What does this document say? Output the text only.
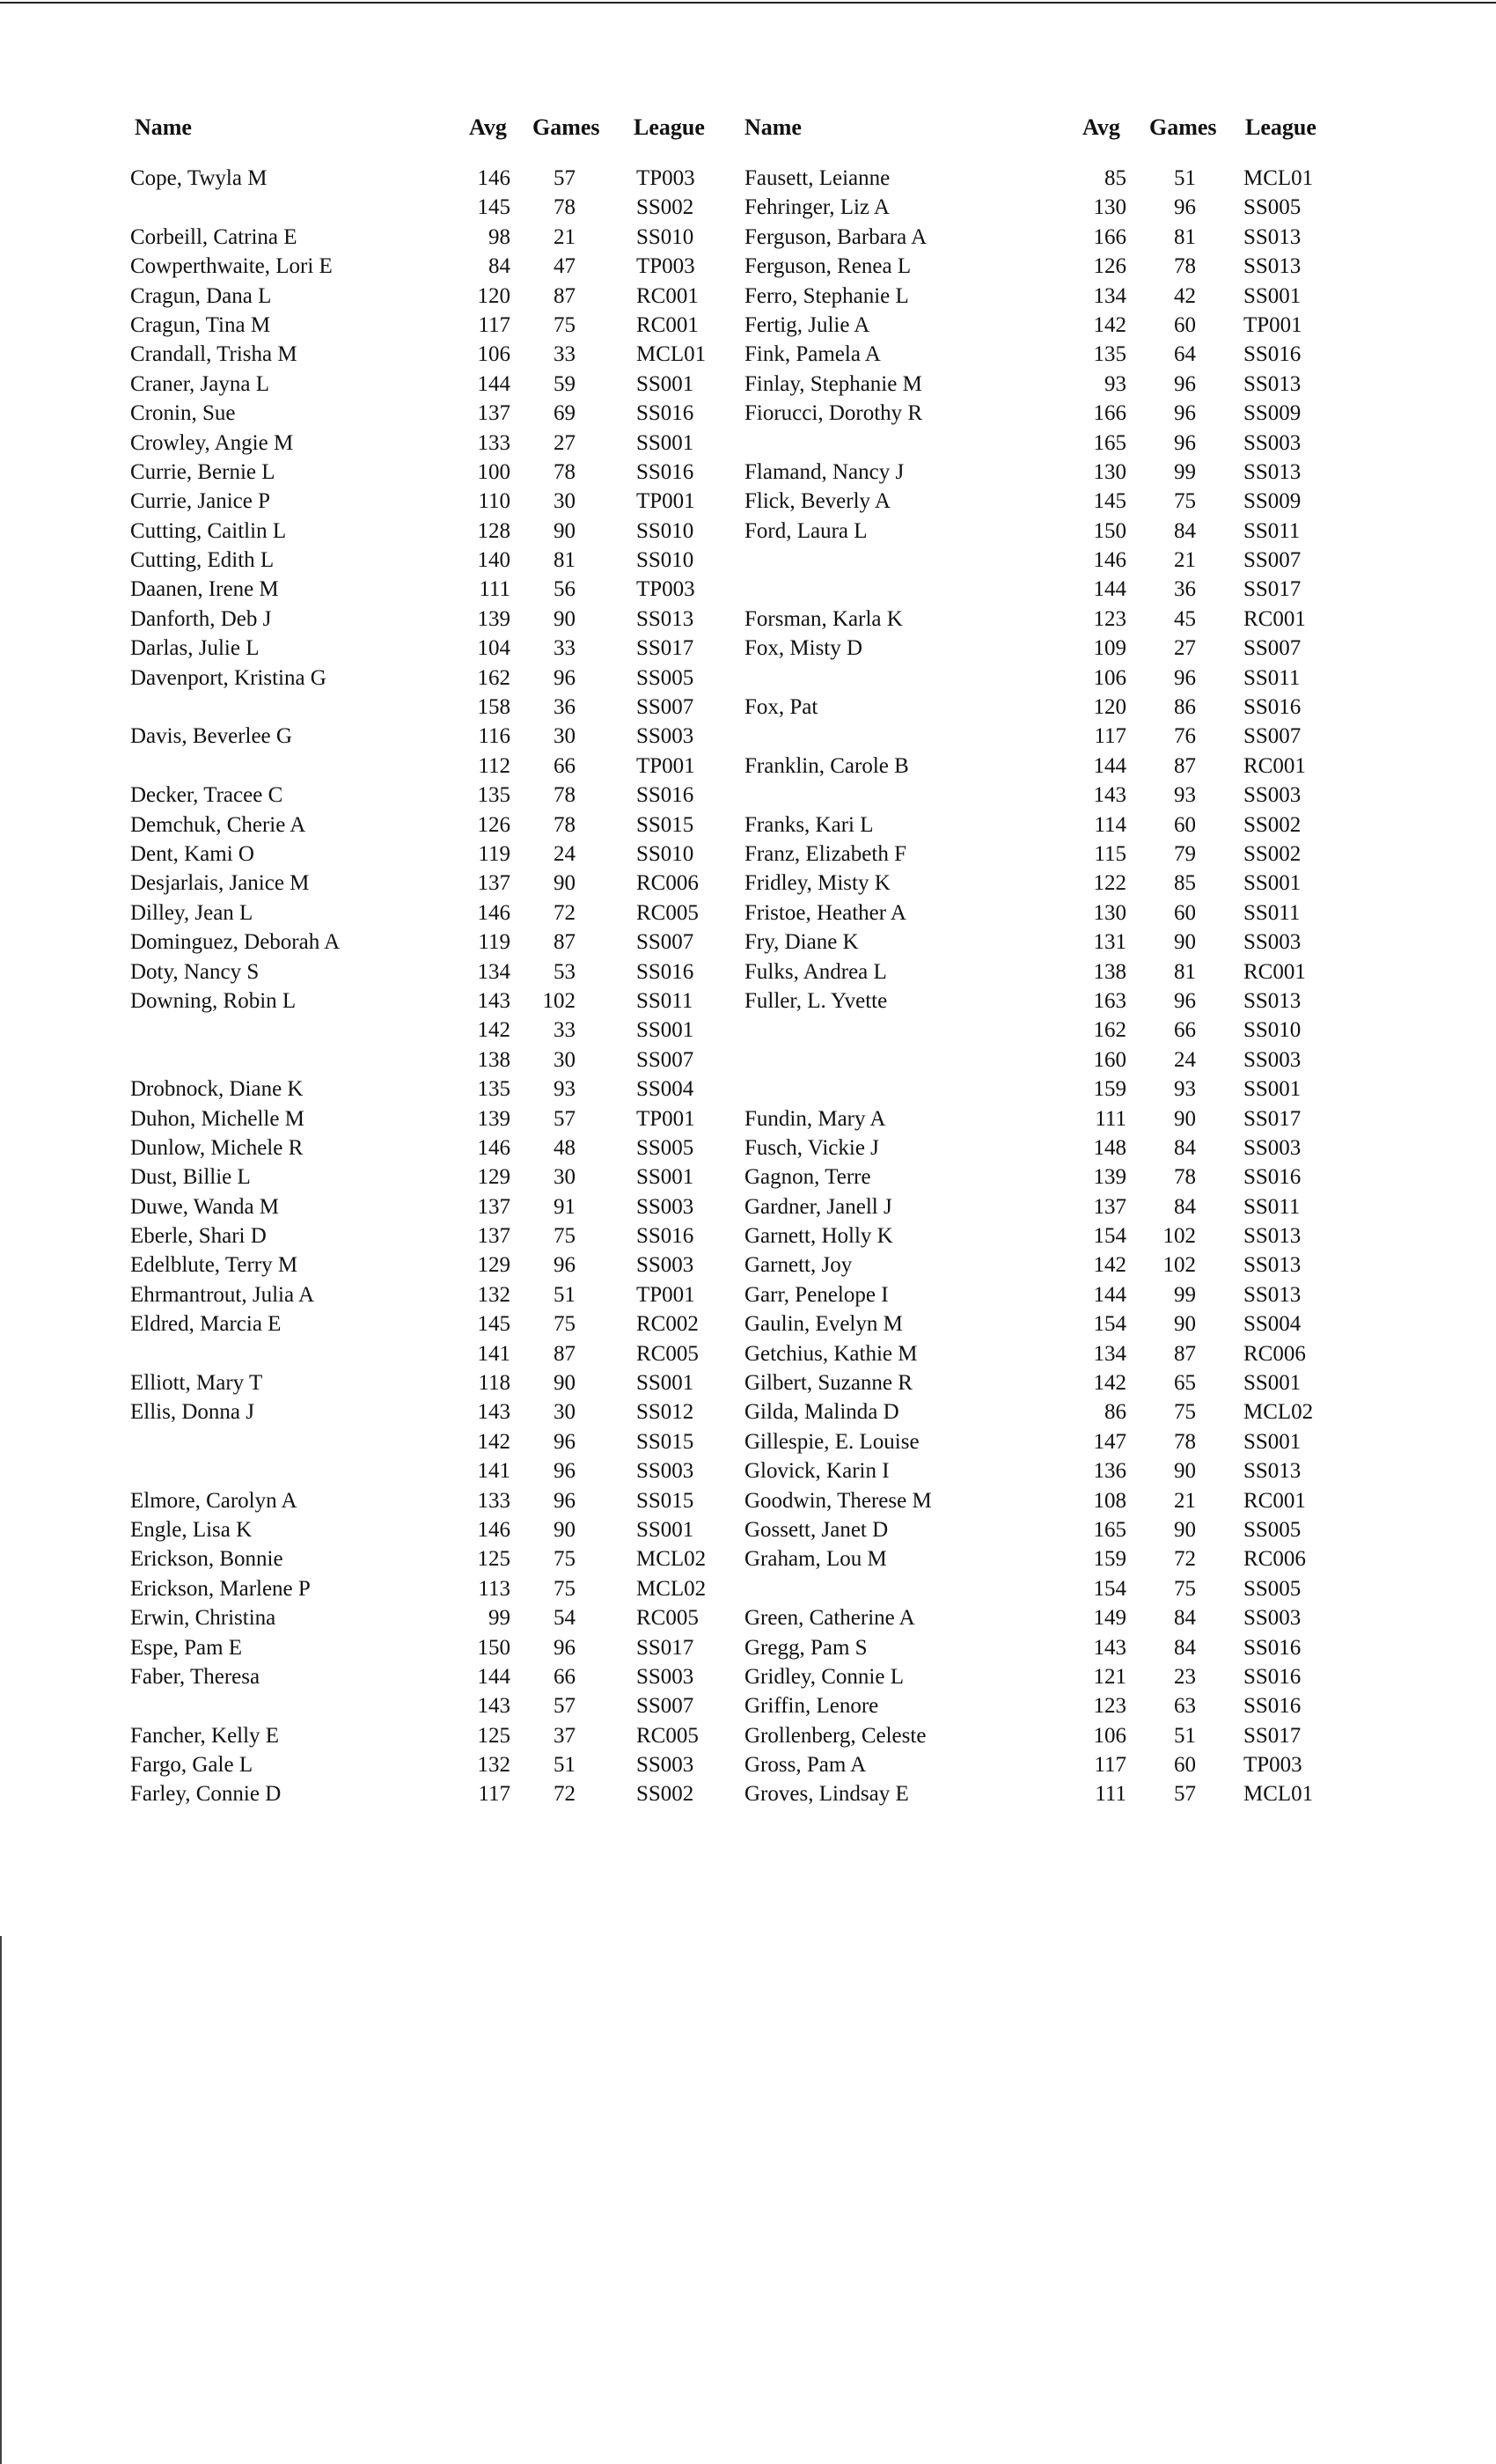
Name	Avg Games League
Cope, Twyla M	146	57	TP003
145	78	SS002
Corbeill, Catrina E	98	21	SS010
Cowperthwaite, Lori E	84	47	TP003
Cragun, Dana L	120	87	RC001
Cragun, Tina M	117	75	RC001
Crandall, Trisha M	106	33	MCL01
Craner, Jayna L	144	59	SS001
Cronin, Sue	137	69	SS016
Crowley, Angie M	133	27	SS001
Currie, Bernie L	100	78	SS016
Currie, Janice P	110	30	TP001
Cutting, Caitlin L	128	90	SS010
Cutting, Edith L	140	81	SS010
Daanen, Irene M	111	56	TP003
Danforth, Deb J	139	90	SS013
Darlas, Julie L	104	33	SS017
Davenport, Kristina G	162	96	SS005
158	36	SS007
Davis, Beverlee G	116	30	SS003
112	66	TP001
Decker, Tracee C	135	78	SS016
Demchuk, Cherie A	126	78	SS015
Dent, Kami O	119	24	SS010
Desjarlais, Janice M	137	90	RC006
Dilley, Jean L	146	72	RC005
Dominguez, Deborah A	119	87	SS007
Doty, Nancy S	134	53	SS016
Downing, Robin L	143	102	SS011
142	33	SS001
138	30	SS007
Drobnock, Diane K	135	93	SS004
Duhon, Michelle M	139	57	TP001
Dunlow, Michele R	146	48	SS005
Dust, Billie L	129	30	SS001
Duwe, Wanda M	137	91	SS003
Eberle, Shari D	137	75	SS016
Edelblute, Terry M	129	96	SS003
Ehrmantrout, Julia A	132	51	TP001
Eldred, Marcia E	145	75	RC002
141	87	RC005
Elliott, Mary T	118	90	SS001
Ellis, Donna J	143	30	SS012
142	96	SS015
141	96	SS003
Elmore, Carolyn A	133	96	SS015
Engle, Lisa K	146	90	SS001
Erickson, Bonnie	125	75	MCL02
Erickson, Marlene P	113	75	MCL02
Erwin, Christina	99	54	RC005
Espe, Pam E	150	96	SS017
Faber, Theresa	144	66	SS003
143	57	SS007
Fancher, Kelly E	125	37	RC005
Fargo, Gale L	132	51	SS003
Farley, Connie D	117	72	SS002
Name	Avg Games League
Fausett, Leianne	85	51 MCL01
Fehringer, Liz A	130	96 SS005
Ferguson, Barbara A	166	81 SS013
Ferguson, Renea L	126	78 SS013
Ferro, Stephanie L	134	42 SS001
Fertig, Julie A	142	60 TP001
Fink, Pamela A	135	64 SS016
Finlay, Stephanie M	93	96 SS013
Fiorucci, Dorothy R	166	96 SS009
165	96 SS003
Flamand, Nancy J	130	99 SS013
Flick, Beverly A	145	75 SS009
Ford, Laura L	150	84 SS011
146	21 SS007
144	36 SS017
Forsman, Karla K	123	45 RC001
Fox, Misty D	109	27 SS007
106	96 SS011
Fox, Pat	120	86 SS016
117	76 SS007
Franklin, Carole B	144	87 RC001
143	93 SS003
Franks, Kari L	114	60 SS002
Franz, Elizabeth F	115	79 SS002
Fridley, Misty K	122	85 SS001
Fristoe, Heather A	130	60 SS011
Fry, Diane K	131	90 SS003
Fulks, Andrea L	138	81 RC001
Fuller, L. Yvette	163	96 SS013
162	66 SS010
160	24 SS003
159	93 SS001
Fundin, Mary A	111	90 SS017
Fusch, Vickie J	148	84 SS003
Gagnon, Terre	139	78 SS016
Gardner, Janell J	137	84 SS011
Garnett, Holly K	154	102 SS013
Garnett, Joy	142	102 SS013
Garr, Penelope I	144	99 SS013
Gaulin, Evelyn M	154	90 SS004
Getchius, Kathie M	134	87 RC006
Gilbert, Suzanne R	142	65 SS001
Gilda, Malinda D	86	75 MCL02
Gillespie, E. Louise	147	78 SS001
Glovick, Karin I	136	90 SS013
Goodwin, Therese M	108	21 RC001
Gossett, Janet D	165	90 SS005
Graham, Lou M	159	72 RC006
154	75 SS005
Green, Catherine A	149	84 SS003
Gregg, Pam S	143	84 SS016
Gridley, Connie L	121	23 SS016
Griffin, Lenore	123	63 SS016
Grollenberg, Celeste	106	51 SS017
Gross, Pam A	117	60 TP003
Groves, Lindsay E	111	57 MCL01
